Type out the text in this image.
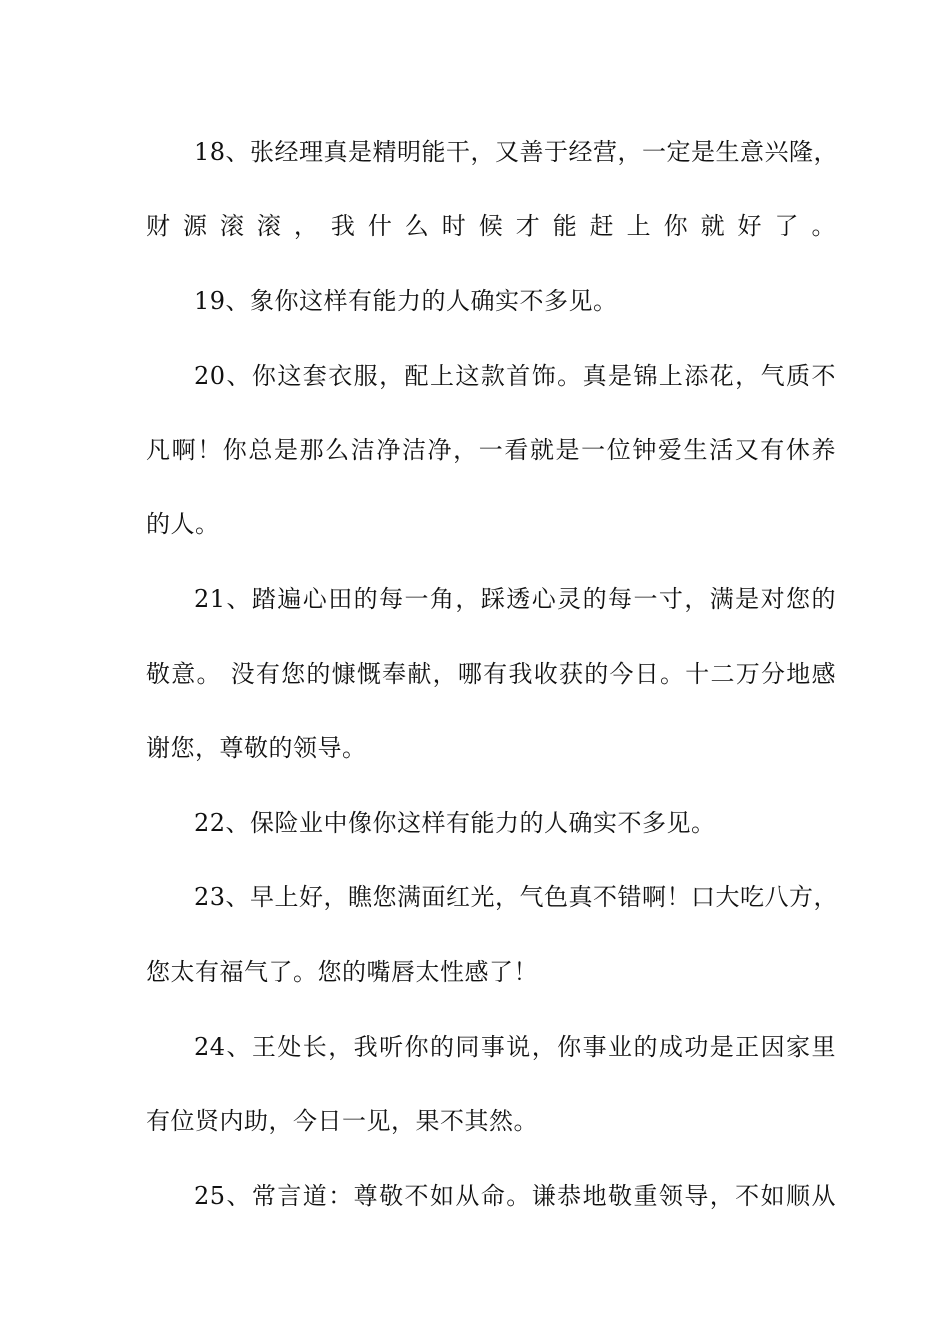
18、张经理真是精明能干，又善于经营，一定是生意兴隆，
财源滚滚，我什么时候才能赶上你就好了。
19、象你这样有能力的人确实不多见。
20、你这套衣服，配上这款首饰。真是锦上添花，气质不
凡啊！你总是那么洁净洁净，一看就是一位钟爱生活又有休养
的人。
21、踏遍心田的每一角，踩透心灵的每一寸，满是对您的
敬意。 没有您的慷慨奉献，哪有我收获的今日。十二万分地感
谢您，尊敬的领导。
22、保险业中像你这样有能力的人确实不多见。
23、早上好，瞧您满面红光，气色真不错啊！口大吃八方，
您太有福气了。您的嘴唇太性感了！
24、王处长，我听你的同事说，你事业的成功是正因家里
有位贤内助，今日一见，果不其然。
25、常言道：尊敬不如从命。谦恭地敬重领导，不如顺从
